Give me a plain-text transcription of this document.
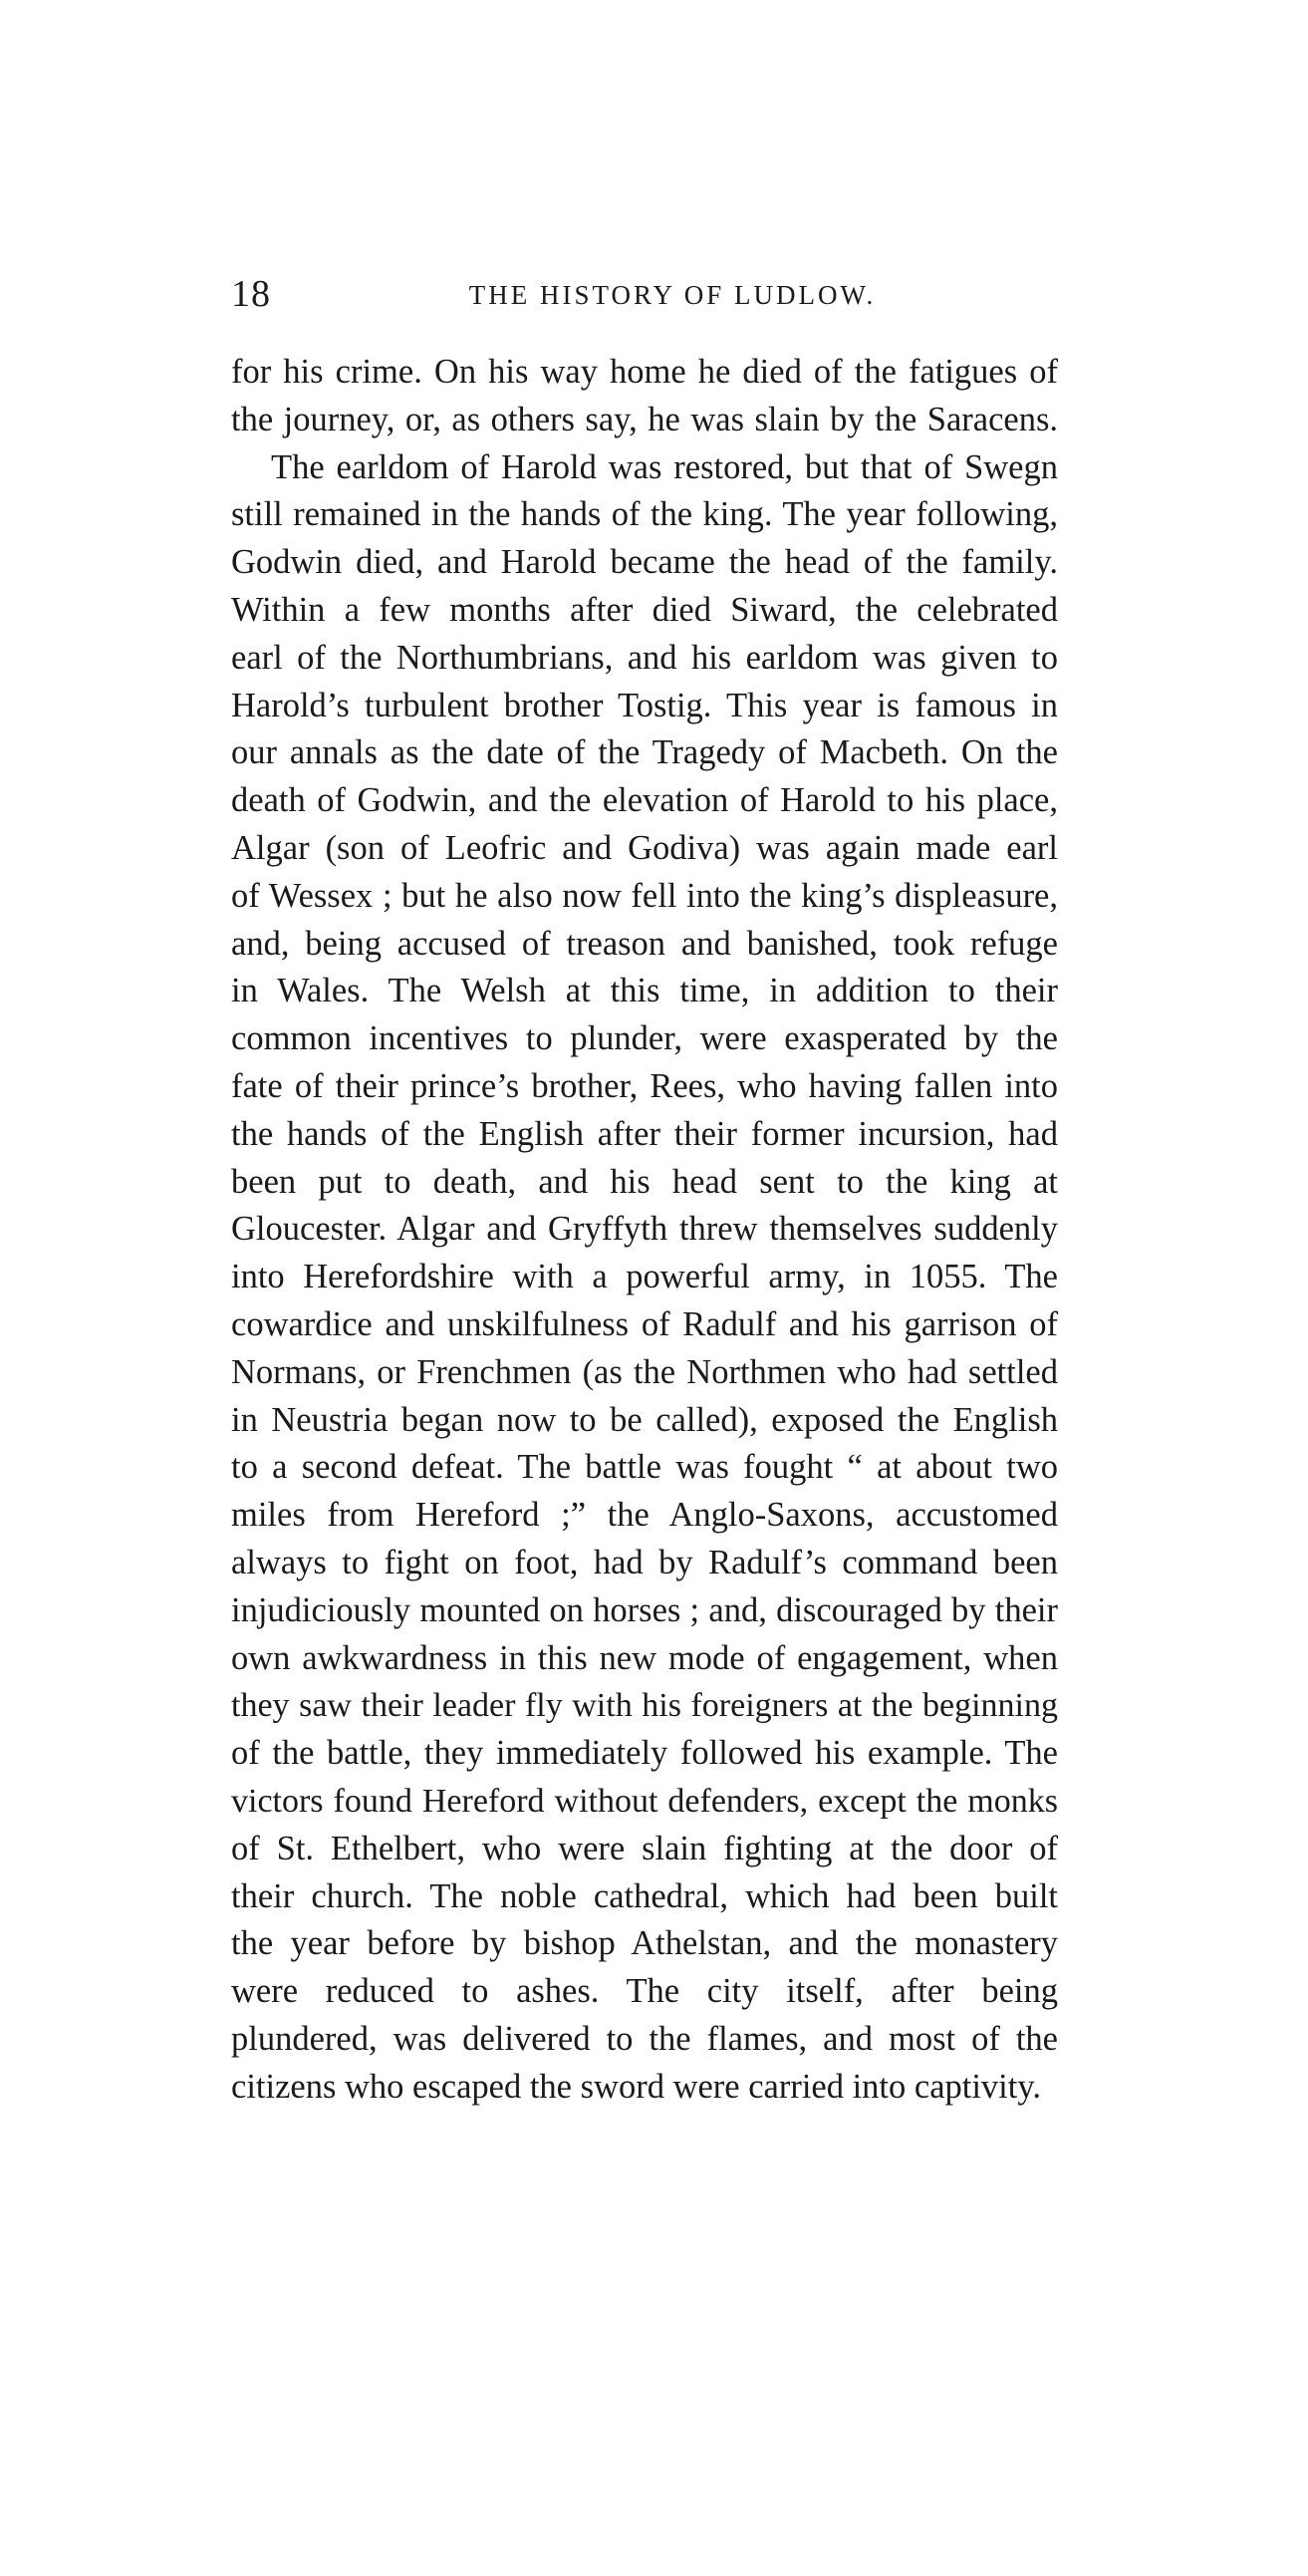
18	THE HISTORY OF LUDLOW.
for his crime. On his way home he died of the fatigues of
the journey, or, as others say, he was slain by the Saracens.
The earldom of Harold was restored, but that of Swegn
still remained in the hands of the king. The year following,
Godwin died, and Harold became the head of the family.
Within a few months after died Siward, the celebrated
earl of the Northumbrians, and his earldom was given to
Harold’s turbulent brother Tostig. This year is famous in
our annals as the date of the Tragedy of Macbeth. On the
death of Godwin, and the elevation of Harold to his place,
Algar (son of Leofric and Godiva) was again made earl
of Wessex ; but he also now fell into the king’s displeasure,
and, being accused of treason and banished, took refuge
in Wales. The Welsh at this time, in addition to their
common incentives to plunder, were exasperated by the
fate of their prince’s brother, Rees, who having fallen into
the hands of the English after their former incursion, had
been put to death, and his head sent to the king at
Gloucester. Algar and Gryffyth threw themselves suddenly
into Herefordshire with a powerful army, in 1055. The
cowardice and unskilfulness of Radulf and his garrison of
Normans, or Frenchmen (as the Northmen who had settled
in Neustria began now to be called), exposed the English
to a second defeat. The battle was fought “ at about two
miles from Hereford ;” the Anglo-Saxons, accustomed
always to fight on foot, had by Radulf’s command been
injudiciously mounted on horses ; and, discouraged by their
own awkwardness in this new mode of engagement, when
they saw their leader fly with his foreigners at the beginning
of the battle, they immediately followed his example. The
victors found Hereford without defenders, except the monks
of St. Ethelbert, who were slain fighting at the door of
their church. The noble cathedral, which had been built
the year before by bishop Athelstan, and the monastery
were reduced to ashes. The city itself, after being
plundered, was delivered to the flames, and most of the
citizens who escaped the sword were carried into captivity.
